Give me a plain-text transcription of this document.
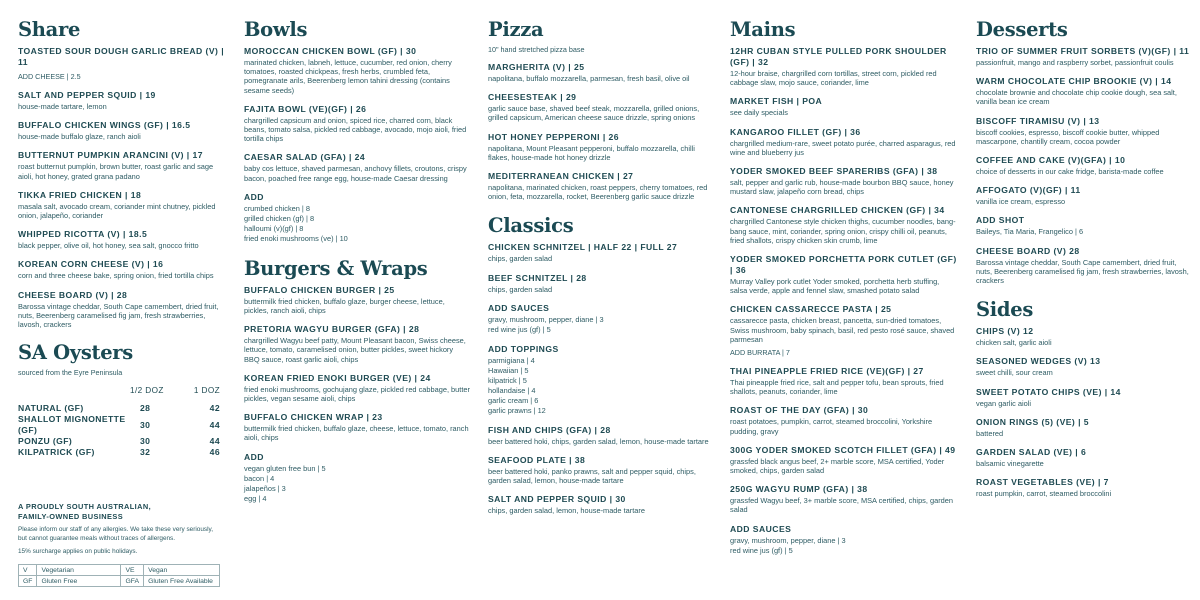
Share
TOASTED SOUR DOUGH GARLIC BREAD (V) | 11
ADD CHEESE | 2.5
SALT AND PEPPER SQUID | 19
house-made tartare, lemon
BUFFALO CHICKEN WINGS (GF) | 16.5
house-made buffalo glaze, ranch aioli
BUTTERNUT PUMPKIN ARANCINI (V) | 17
roast butternut pumpkin, brown butter, roast garlic and sage aioli, hot honey, grated grana padano
TIKKA FRIED CHICKEN | 18
masala salt, avocado cream, coriander mint chutney, pickled onion, jalapeño, coriander
WHIPPED RICOTTA (V) | 18.5
black pepper, olive oil, hot honey, sea salt, gnocco fritto
KOREAN CORN CHEESE (V) | 16
corn and three cheese bake, spring onion, fried tortilla chips
CHEESE BOARD (V) | 28
Barossa vintage cheddar, South Cape camembert, dried fruit, nuts, Beerenberg caramelised fig jam, fresh strawberries, lavosh, crackers
SA Oysters
sourced from the Eyre Peninsula
	1/2 DOZ	1 DOZ

NATURAL (GF)	28	42
SHALLOT MIGNONETTE (GF)	30	44
PONZU (GF)	30	44
KILPATRICK (GF)	32	46
A PROUDLY SOUTH AUSTRALIAN,
FAMILY-OWNED BUSINESS
Please inform our staff of any allergies. We take these very seriously,
but cannot guarantee meals without traces of allergens.
15% surcharge applies on public holidays.
V	Vegetarian	VE	Vegan
GF	Gluten Free	GFA	Gluten Free Available
Bowls
MOROCCAN CHICKEN BOWL (GF) | 30
marinated chicken, labneh, lettuce, cucumber, red onion, cherry tomatoes, roasted chickpeas, fresh herbs, crumbled feta, pomegranate arils, Beerenberg lemon tahini dressing (contains sesame seeds)
FAJITA BOWL (VE)(GF) | 26
chargrilled capsicum and onion, spiced rice, charred corn, black beans, tomato salsa, pickled red cabbage, avocado, mojo aioli, fried tortilla chips
CAESAR SALAD (GFA) | 24
baby cos lettuce, shaved parmesan, anchovy fillets, croutons, crispy bacon, poached free range egg, house-made Caesar dressing
ADD
crumbed chicken | 8
grilled chicken (gf) | 8
halloumi (v)(gf) | 8
fried enoki mushrooms (ve) | 10
Burgers & Wraps
BUFFALO CHICKEN BURGER | 25
buttermilk fried chicken, buffalo glaze, burger cheese, lettuce, pickles, ranch aioli, chips
PRETORIA WAGYU BURGER (GFA) | 28
chargrilled Wagyu beef patty, Mount Pleasant bacon, Swiss cheese, lettuce, tomato, caramelised onion, butter pickles, sweet hickory BBQ sauce, roast garlic aioli, chips
KOREAN FRIED ENOKI BURGER (VE) | 24
fried enoki mushrooms, gochujang glaze, pickled red cabbage, butter pickles, vegan sesame aioli, chips
BUFFALO CHICKEN WRAP | 23
buttermilk fried chicken, buffalo glaze, cheese, lettuce, tomato, ranch aioli, chips
ADD
vegan gluten free bun | 5
bacon | 4
jalapeños | 3
egg | 4
Pizza
10" hand stretched pizza base
MARGHERITA (V) | 25
napolitana, buffalo mozzarella, parmesan, fresh basil, olive oil
CHEESESTEAK | 29
garlic sauce base, shaved beef steak, mozzarella, grilled onions, grilled capsicum, American cheese sauce drizzle, spring onions
HOT HONEY PEPPERONI | 26
napolitana, Mount Pleasant pepperoni, buffalo mozzarella, chilli flakes, house-made hot honey drizzle
MEDITERRANEAN CHICKEN | 27
napolitana, marinated chicken, roast peppers, cherry tomatoes, red onion, feta, mozzarella, rocket, Beerenberg garlic sauce drizzle
Classics
CHICKEN SCHNITZEL | HALF 22 | FULL 27
chips, garden salad
BEEF SCHNITZEL | 28
chips, garden salad
ADD SAUCES
gravy, mushroom, pepper, diane | 3
red wine jus (gf) | 5
ADD TOPPINGS
parmigiana | 4
Hawaiian | 5
kilpatrick | 5
hollandaise | 4
garlic cream | 6
garlic prawns | 12
FISH AND CHIPS (GFA) | 28
beer battered hoki, chips, garden salad, lemon, house-made tartare
SEAFOOD PLATE | 38
beer battered hoki, panko prawns, salt and pepper squid, chips, garden salad, lemon, house-made tartare
SALT AND PEPPER SQUID | 30
chips, garden salad, lemon, house-made tartare
Mains
12HR CUBAN STYLE PULLED PORK SHOULDER (GF) | 32
12-hour braise, chargrilled corn tortillas, street corn, pickled red cabbage slaw, mojo sauce, coriander, lime
MARKET FISH | POA
see daily specials
KANGAROO FILLET (GF) | 36
chargrilled medium-rare, sweet potato purée, charred asparagus, red wine and blueberry jus
YODER SMOKED BEEF SPARERIBS (GFA) | 38
salt, pepper and garlic rub, house-made bourbon BBQ sauce, honey mustard slaw, jalapeño corn bread, chips
CANTONESE CHARGRILLED CHICKEN (GF) | 34
chargrilled Cantonese style chicken thighs, cucumber noodles, bang-bang sauce, mint, coriander, spring onion, crispy chilli oil, peanuts, fried shallots, crispy chicken skin crumb, lime
YODER SMOKED PORCHETTA PORK CUTLET (GF) | 36
Murray Valley pork cutlet Yoder smoked, porchetta herb stuffing, salsa verde, apple and fennel slaw, smashed potato salad
CHICKEN CASSARECCE PASTA | 25
cassarecce pasta, chicken breast, pancetta, sun-dried tomatoes, Swiss mushroom, baby spinach, basil, red pesto rosé sauce, shaved parmesan
ADD BURRATA | 7
THAI PINEAPPLE FRIED RICE (VE)(GF) | 27
Thai pineapple fried rice, salt and pepper tofu, bean sprouts, fried shallots, peanuts, coriander, lime
ROAST OF THE DAY (GFA) | 30
roast potatoes, pumpkin, carrot, steamed broccolini, Yorkshire pudding, gravy
300G YODER SMOKED SCOTCH FILLET (GFA) | 49
grassfed black angus beef, 2+ marble score, MSA certified, Yoder smoked, chips, garden salad
250G WAGYU RUMP (GFA) | 38
grassfed Wagyu beef, 3+ marble score, MSA certified, chips, garden salad
ADD SAUCES
gravy, mushroom, pepper, diane | 3
red wine jus (gf) | 5
Desserts
TRIO OF SUMMER FRUIT SORBETS (V)(GF) | 11
passionfruit, mango and raspberry sorbet, passionfruit coulis
WARM CHOCOLATE CHIP BROOKIE (V) | 14
chocolate brownie and chocolate chip cookie dough, sea salt, vanilla bean ice cream
BISCOFF TIRAMISU (V) | 13
biscoff cookies, espresso, biscoff cookie butter, whipped mascarpone, chantilly cream, cocoa powder
COFFEE AND CAKE (V)(GFA) | 10
choice of desserts in our cake fridge, barista-made coffee
AFFOGATO (V)(GF) | 11
vanilla ice cream, espresso
ADD SHOT
Baileys, Tia Maria, Frangelico | 6
CHEESE BOARD (V) 28
Barossa vintage cheddar, South Cape camembert, dried fruit, nuts, Beerenberg caramelised fig jam, fresh strawberries, lavosh, crackers
Sides
CHIPS (V) 12
chicken salt, garlic aioli
SEASONED WEDGES (V) 13
sweet chilli, sour cream
SWEET POTATO CHIPS (VE) | 14
vegan garlic aioli
ONION RINGS (5) (VE) | 5
battered
GARDEN SALAD (VE) | 6
balsamic vinegarette
ROAST VEGETABLES (VE) | 7
roast pumpkin, carrot, steamed broccolini
